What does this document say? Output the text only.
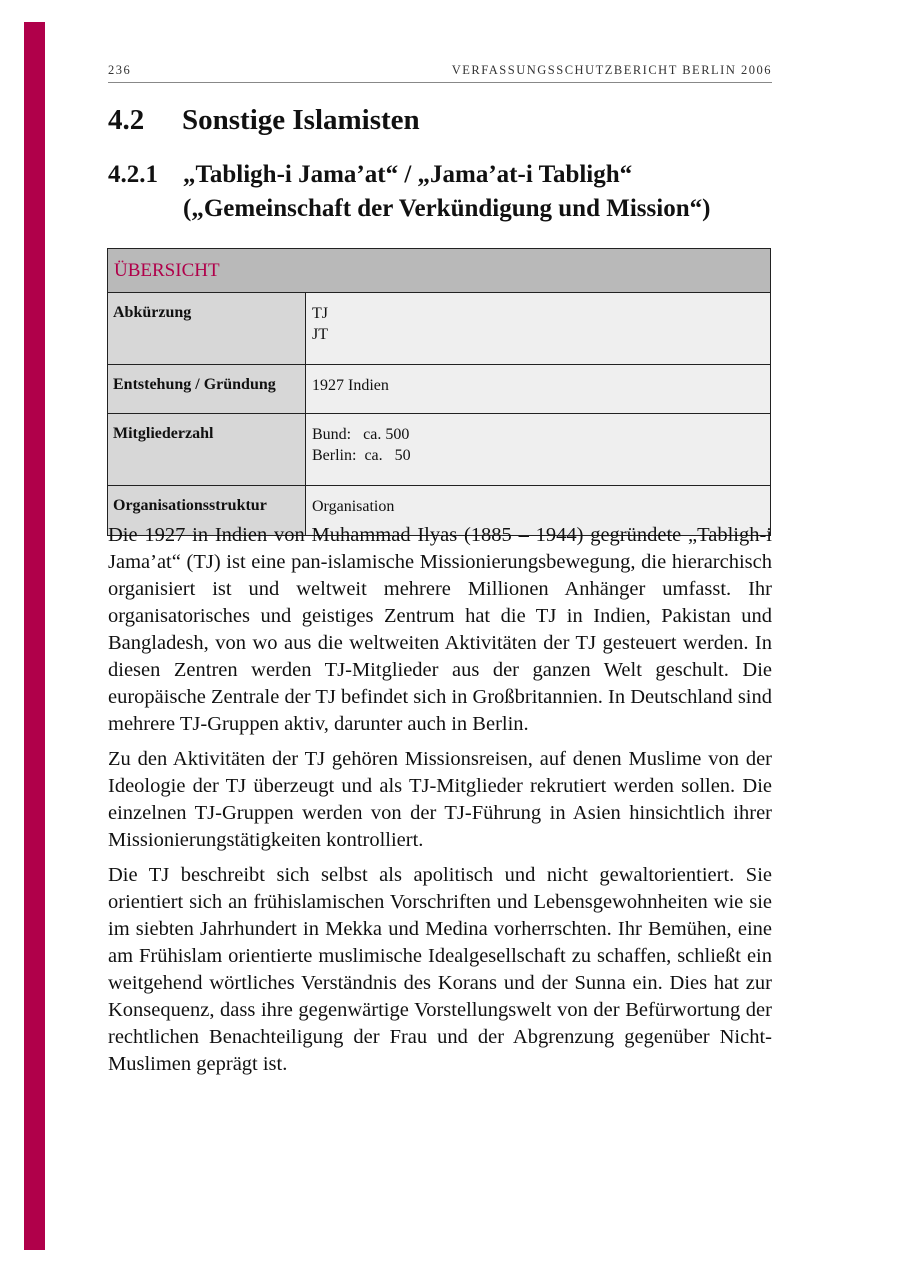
236	VERFASSUNGSSCHUTZBERICHT BERLIN 2006
4.2 Sonstige Islamisten
4.2.1	„Tabligh-i Jama’at“ / „Jama’at-i Tabligh“
(„Gemeinschaft der Verkündigung und Mission“)
ÜBERSICHT	

Abkürzung	TJ
JT

Entstehung / Gründung	1927 Indien

Mitgliederzahl	Bund:   ca. 500
Berlin:  ca.   50

Organisationsstruktur	Organisation

Die 1927 in Indien von Muhammad Ilyas (1885 – 1944) gegründete „Tabligh-i Jama’at“ (TJ) ist eine pan-islamische Missionierungsbewegung, die hierarchisch organisiert ist und weltweit mehrere Millionen Anhänger umfasst. Ihr organisatorisches und geistiges Zentrum hat die TJ in Indien, Pakistan und Bangladesh, von wo aus die weltweiten Aktivitäten der TJ gesteuert werden. In diesen Zentren werden TJ-Mitglieder aus der ganzen Welt geschult. Die europäische Zentrale der TJ befindet sich in Großbritannien. In Deutschland sind mehrere TJ-Gruppen aktiv, darunter auch in Berlin.

Zu den Aktivitäten der TJ gehören Missionsreisen, auf denen Muslime von der Ideologie der TJ überzeugt und als TJ-Mitglieder rekrutiert werden sollen. Die einzelnen TJ-Gruppen werden von der TJ-Führung in Asien hinsichtlich ihrer Missionierungstätigkeiten kontrolliert.

Die TJ beschreibt sich selbst als apolitisch und nicht gewaltorientiert. Sie orientiert sich an frühislamischen Vorschriften und Lebensgewohnheiten wie sie im siebten Jahrhundert in Mekka und Medina vorherrschten. Ihr Bemühen, eine am Frühislam orientierte muslimische Idealgesellschaft zu schaffen, schließt ein weitgehend wörtliches Verständnis des Korans und der Sunna ein. Dies hat zur Konsequenz, dass ihre gegenwärtige Vorstellungswelt von der Befürwortung der rechtlichen Benachteiligung der Frau und der Abgrenzung gegenüber Nicht-Muslimen geprägt ist.
